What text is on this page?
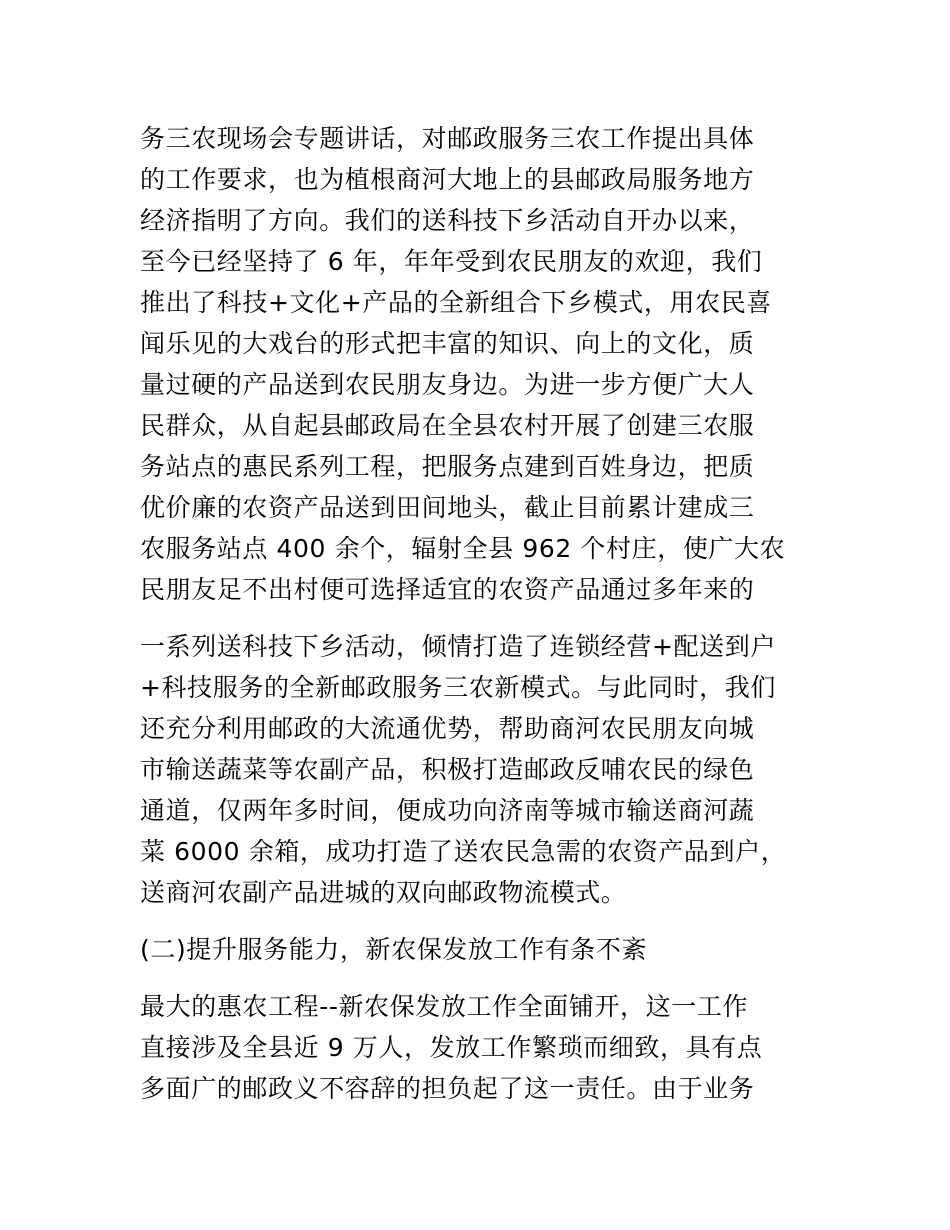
务三农现场会专题讲话，对邮政服务三农工作提出具体
的工作要求，也为植根商河大地上的县邮政局服务地方
经济指明了方向。我们的送科技下乡活动自开办以来，
至今已经坚持了 6 年，年年受到农民朋友的欢迎，我们
推出了科技+文化+产品的全新组合下乡模式，用农民喜
闻乐见的大戏台的形式把丰富的知识、向上的文化，质
量过硬的产品送到农民朋友身边。为进一步方便广大人
民群众，从自起县邮政局在全县农村开展了创建三农服
务站点的惠民系列工程，把服务点建到百姓身边，把质
优价廉的农资产品送到田间地头，截止目前累计建成三
农服务站点 400 余个，辐射全县 962 个村庄，使广大农
民朋友足不出村便可选择适宜的农资产品通过多年来的
一系列送科技下乡活动，倾情打造了连锁经营+配送到户
+科技服务的全新邮政服务三农新模式。与此同时，我们
还充分利用邮政的大流通优势，帮助商河农民朋友向城
市输送蔬菜等农副产品，积极打造邮政反哺农民的绿色
通道，仅两年多时间，便成功向济南等城市输送商河蔬
菜 6000 余箱，成功打造了送农民急需的农资产品到户，
送商河农副产品进城的双向邮政物流模式。
(二)提升服务能力，新农保发放工作有条不紊
最大的惠农工程--新农保发放工作全面铺开，这一工作
直接涉及全县近 9 万人，发放工作繁琐而细致，具有点
多面广的邮政义不容辞的担负起了这一责任。由于业务
